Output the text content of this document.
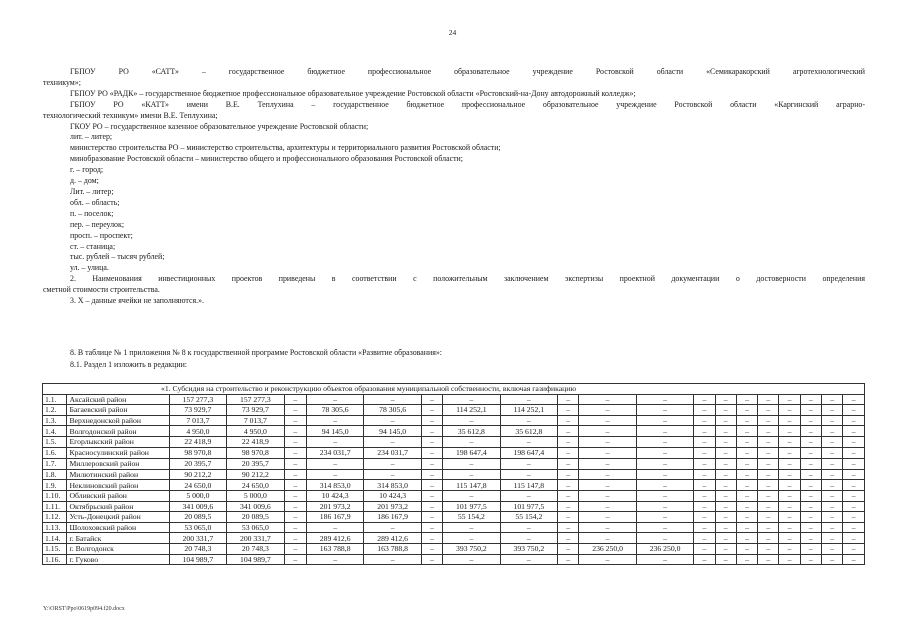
24

ГБПОУ РО «САТТ» – государственное бюджетное профессиональное образовательное учреждение Ростовской области «Семикаракорский агротехнологический

техникум»;

ГБПОУ РО «РАДК» – государственное бюджетное профессиональное образовательное учреждение Ростовской области «Ростовский-на-Дону автодорожный колледж»;

ГБПОУ РО «КАТТ» имени В.Е. Теплухина – государственное бюджетное профессиональное образовательное учреждение Ростовской области «Каргинский аграрно-

технологический техникум» имени В.Е. Теплухина;

ГКОУ РО – государственное казенное образовательное учреждение Ростовской области;

лит. – литер;

министерство строительства РО – министерство строительства, архитектуры и территориального развития Ростовской области;

минобразование Ростовской области – министерство общего и профессионального образования Ростовской области;

г. – город;

д. – дом;

Лит. – литер;

обл. – область;

п. – поселок;

пер. – переулок;

просп. – проспект;

ст. – станица;

тыс. рублей – тысяч рублей;

ул. – улица.

2. Наименования инвестиционных проектов приведены в соответствии с положительным заключением экспертизы проектной документации о достоверности определения

сметной стоимости строительства.

3. Х – данные ячейки не заполняются.».

8. В таблице № 1 приложения № 8 к государственной программе Ростовской области «Развитие образования»:

8.1. Раздел 1 изложить в редакции:

«1. Субсидия на строительство и реконструкцию объектов образования муниципальной собственности, включая газификацию																				
1.1.	Аксайский район	157 277,3	157 277,3	–	–	–	–	–	–	–	–	–	–	–	–	–	–	–	–	–
1.2.	Багаевский район	73 929,7	73 929,7	–	78 305,6	78 305,6	–	114 252,1	114 252,1	–	–	–	–	–	–	–	–	–	–	–
1.3.	Верхнедонской район	7 013,7	7 013,7	–	–	–	–	–	–	–	–	–	–	–	–	–	–	–	–	–
1.4.	Волгодонской район	4 950,0	4 950,0	–	94 145,0	94 145,0	–	35 612,8	35 612,8	–	–	–	–	–	–	–	–	–	–	–
1.5.	Егорлыкский район	22 418,9	22 418,9	–	–	–	–	–	–	–	–	–	–	–	–	–	–	–	–	–
1.6.	Красносулинский район	98 970,8	98 970,8	–	234 031,7	234 031,7	–	198 647,4	198 647,4	–	–	–	–	–	–	–	–	–	–	–
1.7.	Миллеровский район	20 395,7	20 395,7	–	–	–	–	–	–	–	–	–	–	–	–	–	–	–	–	–
1.8.	Милютинский район	90 212,2	90 212,2	–	–	–	–	–	–	–	–	–	–	–	–	–	–	–	–	–
1.9.	Неклиновский район	24 650,0	24 650,0	–	314 853,0	314 853,0	–	115 147,8	115 147,8	–	–	–	–	–	–	–	–	–	–	–
1.10.	Обливский район	5 000,0	5 000,0	–	10 424,3	10 424,3	–	–	–	–	–	–	–	–	–	–	–	–	–	–
1.11.	Октябрьский район	341 009,6	341 009,6	–	201 973,2	201 973,2	–	101 977,5	101 977,5	–	–	–	–	–	–	–	–	–	–	–
1.12.	Усть-Донецкий район	20 089,5	20 089,5	–	186 167,9	186 167,9	–	55 154,2	55 154,2	–	–	–	–	–	–	–	–	–	–	–
1.13.	Шолоховский район	53 065,0	53 065,0	–	–	–	–	–	–	–	–	–	–	–	–	–	–	–	–	–
1.14.	г. Батайск	200 331,7	200 331,7	–	289 412,6	289 412,6	–	–	–	–	–	–	–	–	–	–	–	–	–	–
1.15.	г. Волгодонск	20 748,3	20 748,3	–	163 788,8	163 788,8	–	393 750,2	393 750,2	–	236 250,0	236 250,0	–	–	–	–	–	–	–	–
1.16.	г. Гуково	104 989,7	104 989,7	–	–	–	–	–	–	–	–	–	–	–	–	–	–	–	–	–
Y:\ORST\Ppo\0619p094.f20.docx
